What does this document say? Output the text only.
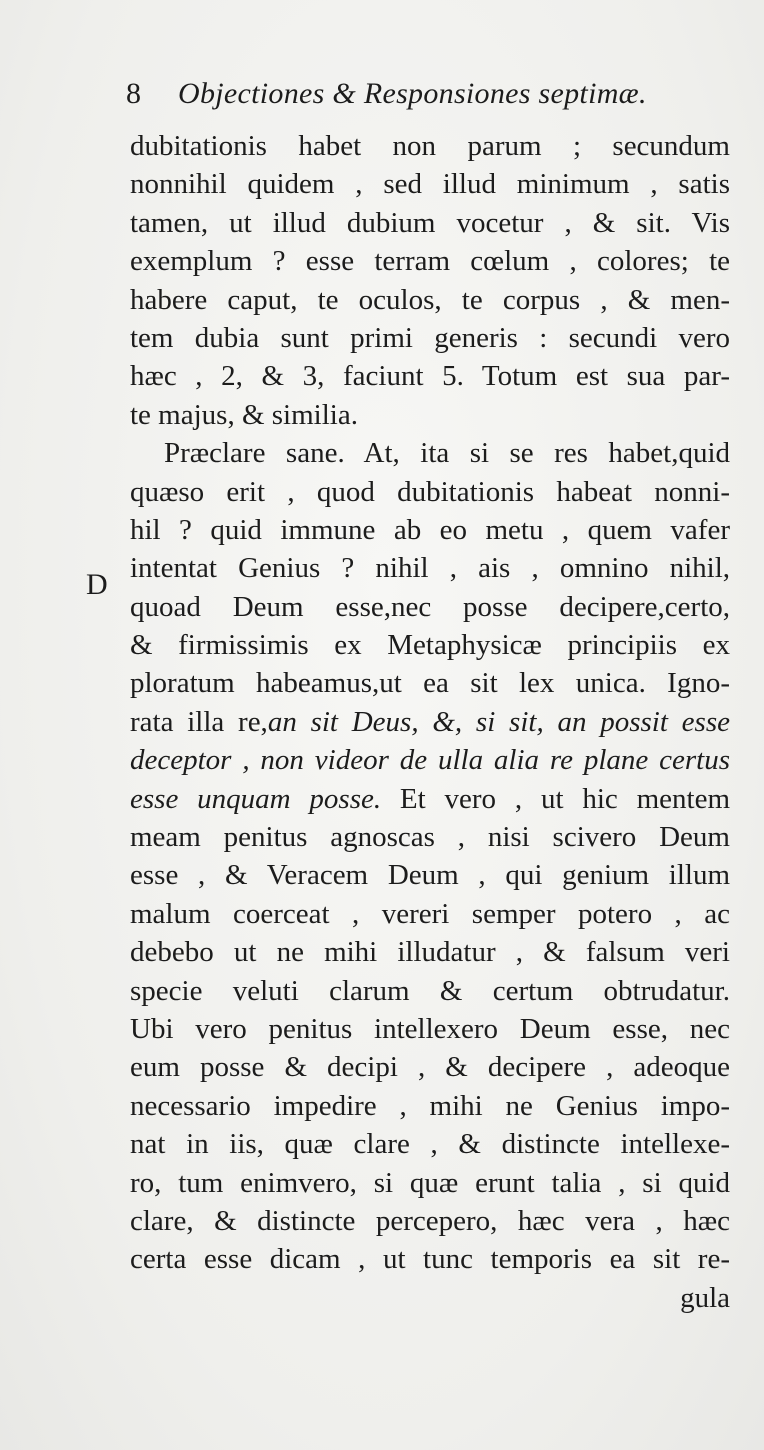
8 Objectiones & Responsiones septimæ.
D
dubitationis habet non parum ; secundum
nonnihil quidem , sed illud minimum , satis
tamen, ut illud dubium vocetur , & sit. Vis
exemplum ? esse terram cœlum , colores; te
habere caput, te oculos, te corpus , & men-
tem dubia sunt primi generis : secundi vero
hæc , 2, & 3, faciunt 5. Totum est sua par-
te majus, & similia.
Præclare sane. At, ita si se res habet,quid
quæso erit , quod dubitationis habeat nonni-
hil ? quid immune ab eo metu , quem vafer
intentat Genius ? nihil , ais , omnino nihil,
quoad Deum esse,nec posse decipere,certo,
& firmissimis ex Metaphysicæ principiis ex
ploratum habeamus,ut ea sit lex unica. Igno-
rata illa re,an sit Deus, &, si sit, an possit esse
deceptor , non videor de ulla alia re plane certus
esse unquam posse. Et vero , ut hic mentem
meam penitus agnoscas , nisi scivero Deum
esse , & Veracem Deum , qui genium illum
malum coerceat , vereri semper potero , ac
debebo ut ne mihi illudatur , & falsum veri
specie veluti clarum & certum obtrudatur.
Ubi vero penitus intellexero Deum esse, nec
eum posse & decipi , & decipere , adeoque
necessario impedire , mihi ne Genius impo-
nat in iis, quæ clare , & distincte intellexe-
ro, tum enimvero, si quæ erunt talia , si quid
clare, & distincte percepero, hæc vera , hæc
certa esse dicam , ut tunc temporis ea sit re-
gula
